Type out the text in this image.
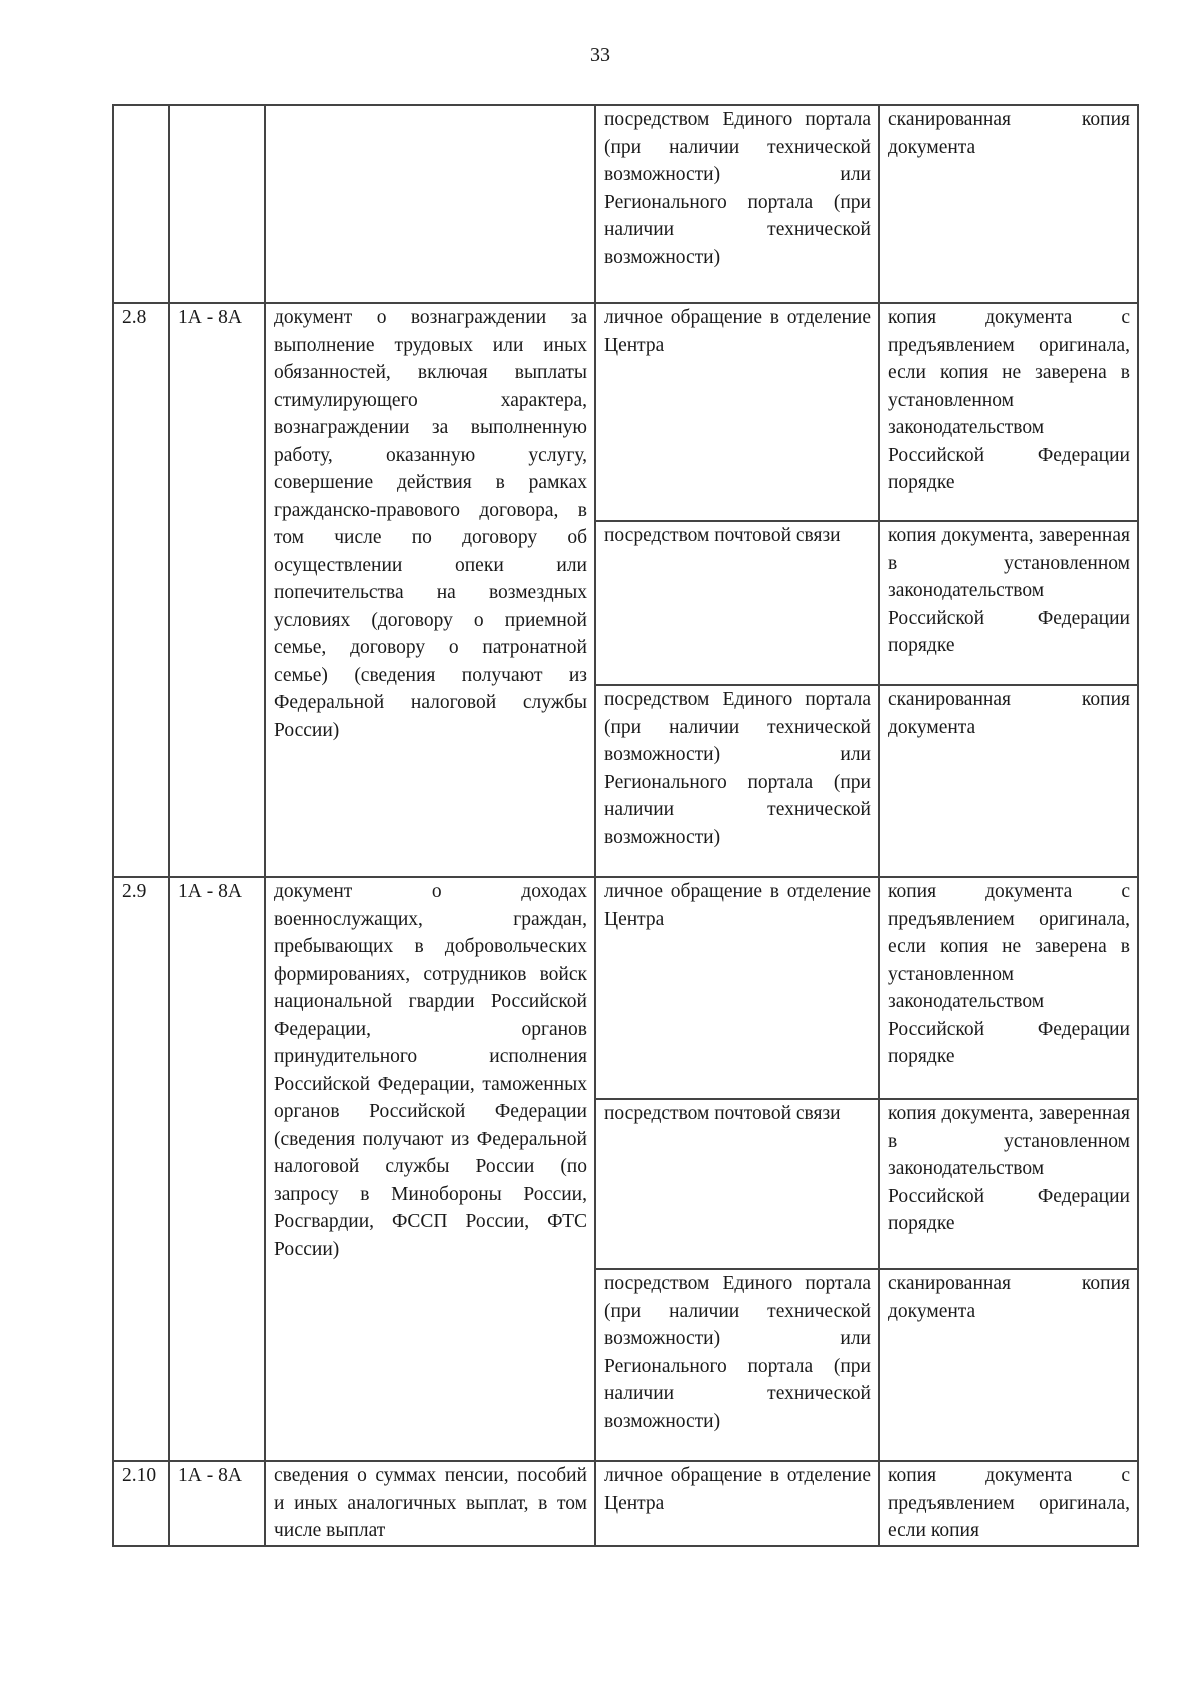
33
			посредством Единого портала (при наличии технической возможности) или Регионального портала (при наличии технической возможности)	сканированная копия документа
2.8	1А - 8А	документ о вознаграждении за выполнение трудовых или иных обязанностей, включая выплаты стимулирующего характера, вознаграждении за выполненную работу, оказанную услугу, совершение действия в рамках гражданско-правового договора, в том числе по договору об осуществлении опеки или попечительства на возмездных условиях (договору о приемной семье, договору о патронатной семье) (сведения получают из Федеральной налоговой службы России)	личное обращение в отделение Центра	копия документа с предъявлением оригинала, если копия не заверена в установленном законодательством Российской Федерации порядке
			посредством почтовой связи	копия документа, заверенная в установленном законодательством Российской Федерации порядке
			посредством Единого портала (при наличии технической возможности) или Регионального портала (при наличии технической возможности)	сканированная копия документа
2.9	1А - 8А	документ о доходах военнослужащих, граждан, пребывающих в добровольческих формированиях, сотрудников войск национальной гвардии Российской Федерации, органов принудительного исполнения Российской Федерации, таможенных органов Российской Федерации (сведения получают из Федеральной налоговой службы России (по запросу в Минобороны России, Росгвардии, ФССП России, ФТС России)	личное обращение в отделение Центра	копия документа с предъявлением оригинала, если копия не заверена в установленном законодательством Российской Федерации порядке
			посредством почтовой связи	копия документа, заверенная в установленном законодательством Российской Федерации порядке
			посредством Единого портала (при наличии технической возможности) или Регионального портала (при наличии технической возможности)	сканированная копия документа
2.10	1А - 8А	сведения о суммах пенсии, пособий и иных аналогичных выплат, в том числе выплат	личное обращение в отделение Центра	копия документа с предъявлением оригинала, если копия
